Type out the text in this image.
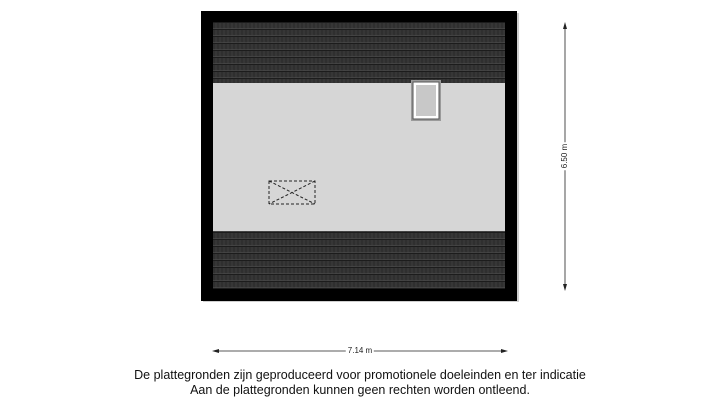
7.14 m
6.50 m
De plattegronden zijn geproduceerd voor promotionele doeleinden en ter indicatie
Aan de plattegronden kunnen geen rechten worden ontleend.
